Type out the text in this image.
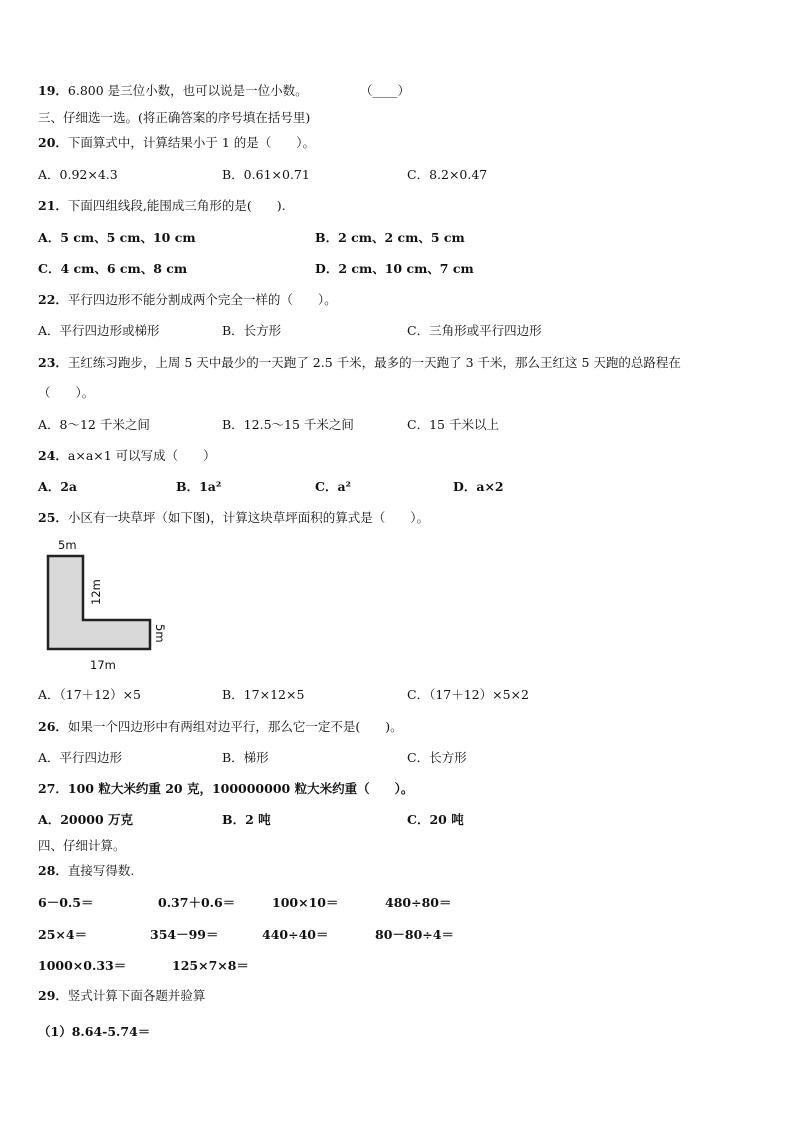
19．6.800 是三位小数，也可以说是一位小数。	（____）
三、仔细选一选。(将正确答案的序号填在括号里)
20．下面算式中，计算结果小于 1 的是（　　）。
A．0.92×4.3	B．0.61×0.71	C．8.2×0.47
21．下面四组线段,能围成三角形的是(　　).
A．5 cm、5 cm、10 cm	B．2 cm、2 cm、5 cm
C．4 cm、6 cm、8 cm	D．2 cm、10 cm、7 cm
22．平行四边形不能分割成两个完全一样的（　　）。
A．平行四边形或梯形	B．长方形	C．三角形或平行四边形
23．王红练习跑步，上周 5 天中最少的一天跑了 2.5 千米，最多的一天跑了 3 千米，那么王红这 5 天跑的总路程在
（　　）。
A．8～12 千米之间	B．12.5～15 千米之间	C．15 千米以上
24．a×a×1 可以写成（　　）
A．2a	B．1a²	C．a²	D．a×2
25．小区有一块草坪（如下图)，计算这块草坪面积的算式是（　　）。
5m
12m
5m
17m
A．（17＋12）×5	B．17×12×5	C．（17＋12）×5×2
26．如果一个四边形中有两组对边平行，那么它一定不是(　　)。
A．平行四边形	B．梯形	C．长方形
27．100 粒大米约重 20 克，100000000 粒大米约重（　　）。
A．20000 万克	B．2 吨	C．20 吨
四、仔细计算。
28．直接写得数.
6－0.5＝	0.37＋0.6＝	100×10＝	480÷80＝
25×4＝	354－99＝	440÷40＝	80－80÷4＝
1000×0.33＝	125×7×8＝
29．竖式计算下面各题并验算
（1）8.64-5.74＝
